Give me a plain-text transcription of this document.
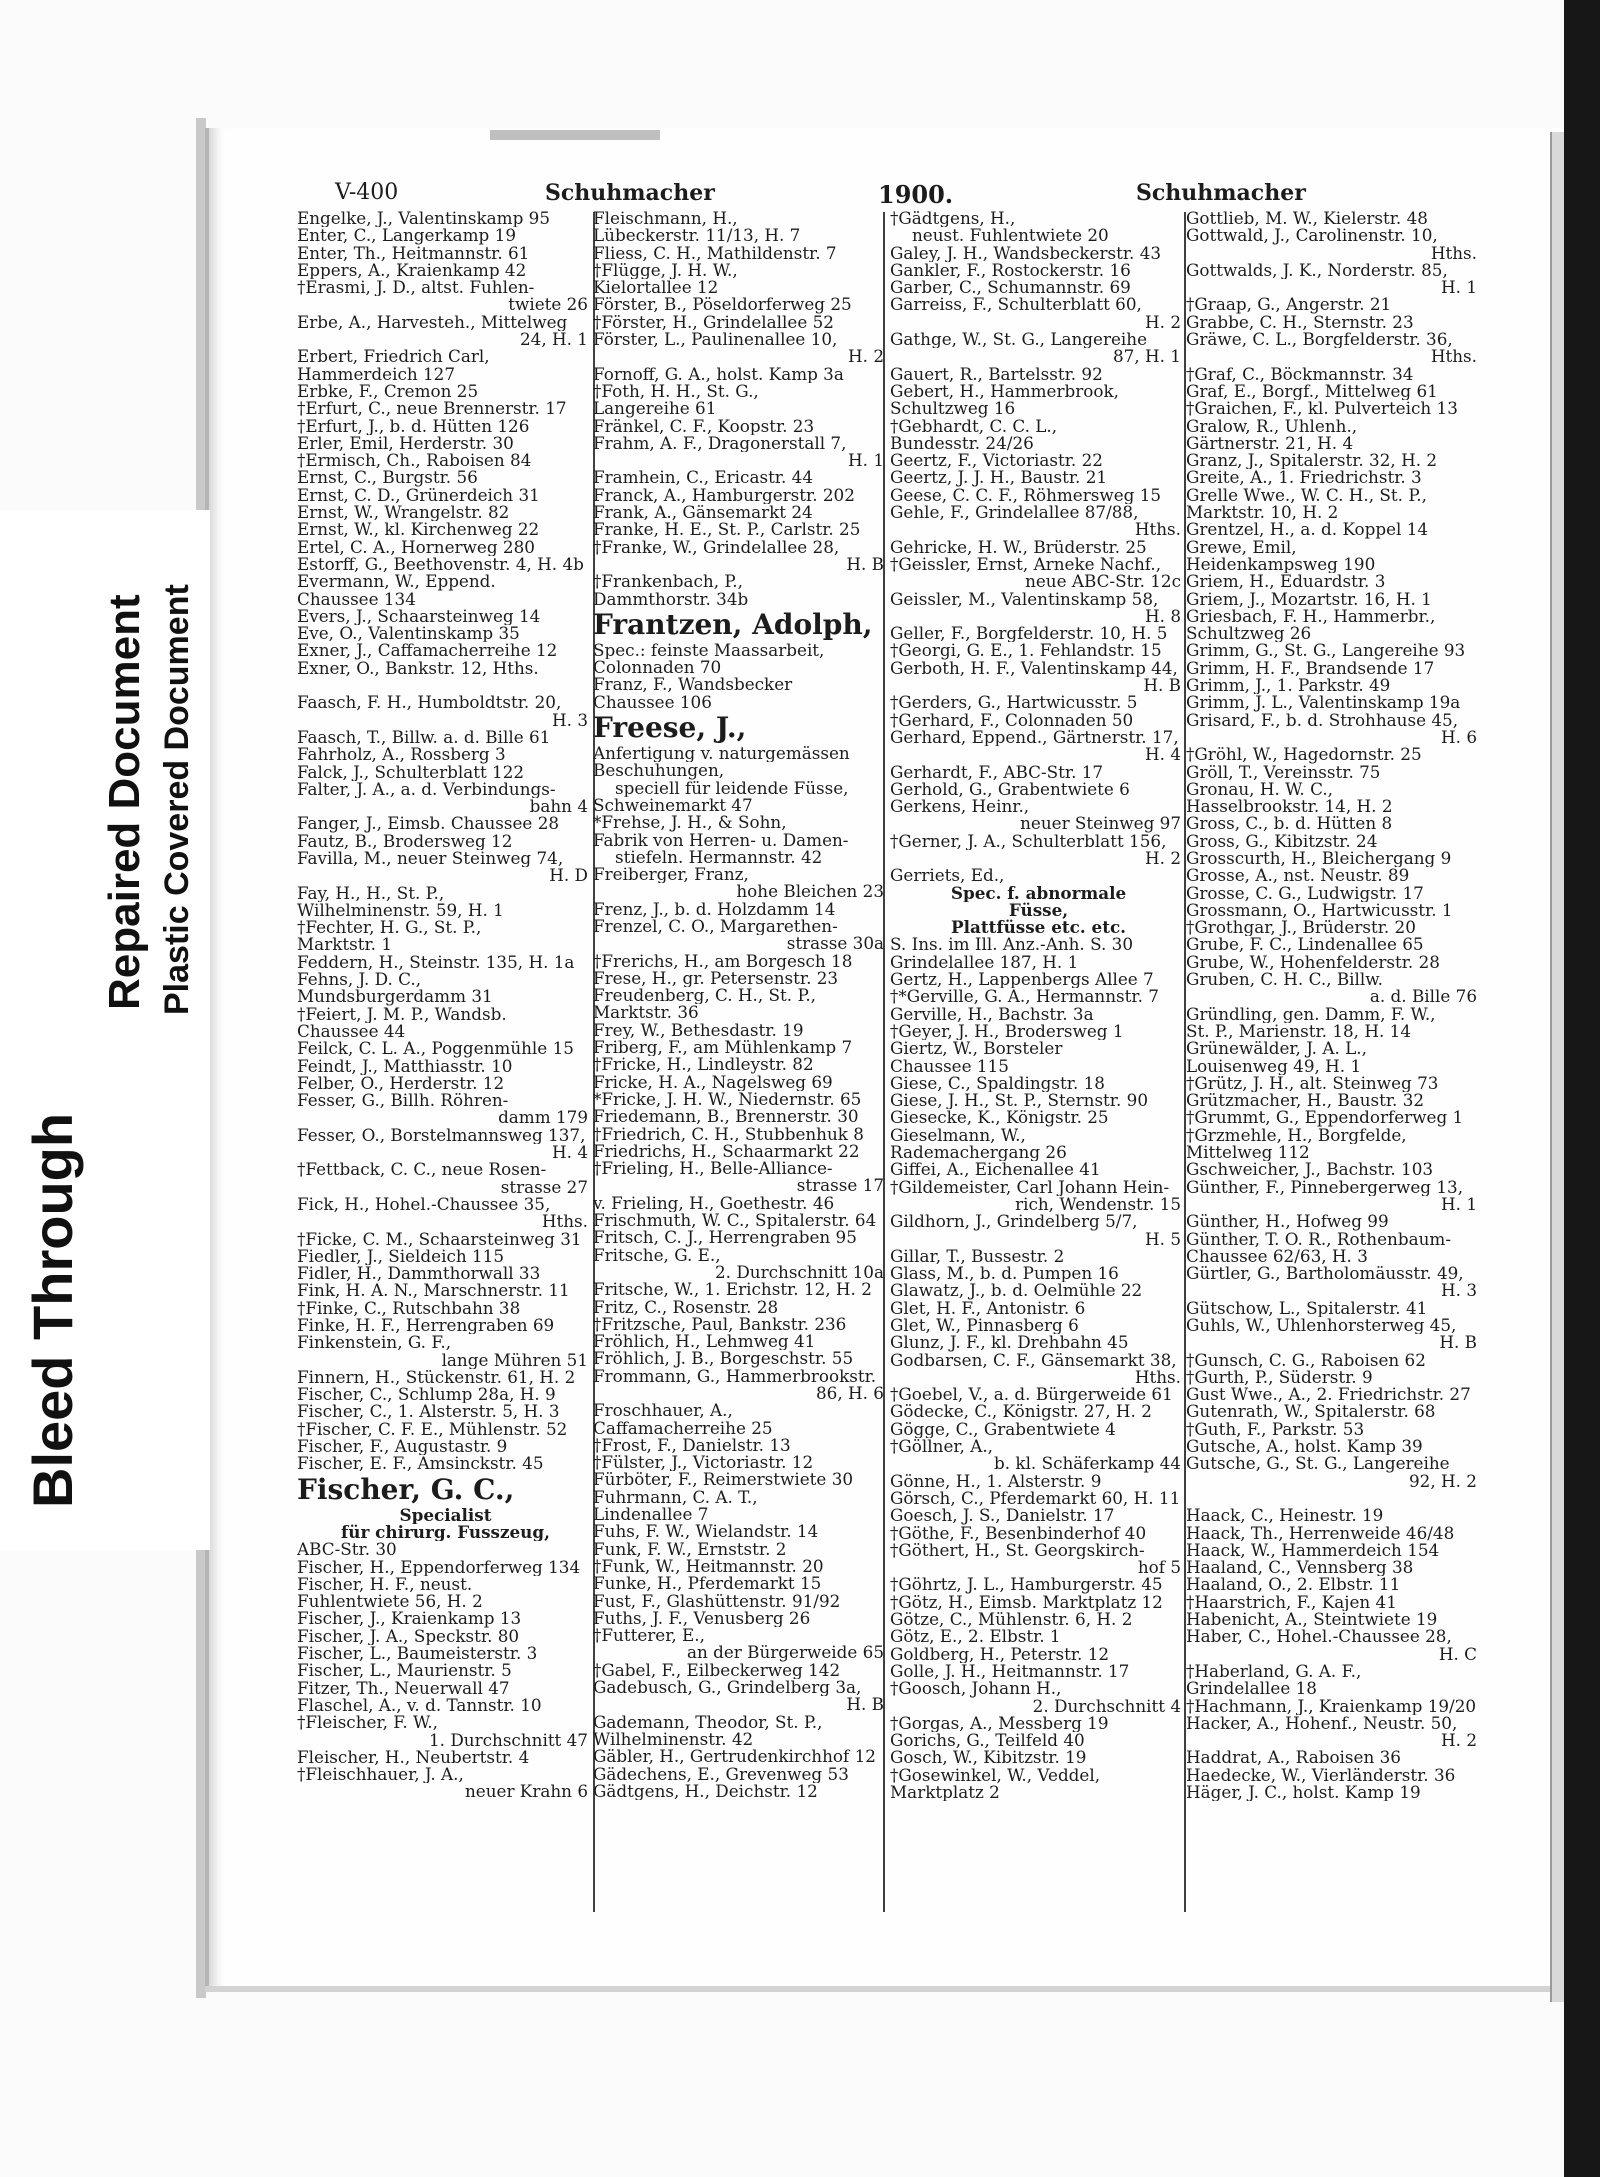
Bleed Through
Repaired Document Plastic Covered Document
V-400	Schuhmacher	1900.	Schuhmacher
Engelke, J., Valentinskamp 95
Enter, C., Langerkamp 19
Enter, Th., Heitmannstr. 61
Eppers, A., Kraienkamp 42
†Erasmi, J. D., altst. Fuhlen-
twiete 26
Erbe, A., Harvesteh., Mittelweg
24, H. 1
Erbert, Friedrich Carl,
Hammerdeich 127
Erbke, F., Cremon 25
†Erfurt, C., neue Brennerstr. 17
†Erfurt, J., b. d. Hütten 126
Erler, Emil, Herderstr. 30
†Ermisch, Ch., Raboisen 84
Ernst, C., Burgstr. 56
Ernst, C. D., Grünerdeich 31
Ernst, W., Wrangelstr. 82
Ernst, W., kl. Kirchenweg 22
Ertel, C. A., Hornerweg 280
Estorff, G., Beethovenstr. 4, H. 4b
Evermann, W., Eppend.
Chaussee 134
Evers, J., Schaarsteinweg 14
Eve, O., Valentinskamp 35
Exner, J., Caffamacherreihe 12
Exner, O., Bankstr. 12, Hths.
Faasch, F. H., Humboldtstr. 20,
H. 3
Faasch, T., Billw. a. d. Bille 61
Fahrholz, A., Rossberg 3
Falck, J., Schulterblatt 122
Falter, J. A., a. d. Verbindungs-
bahn 4
Fanger, J., Eimsb. Chaussee 28
Fautz, B., Brodersweg 12
Favilla, M., neuer Steinweg 74,
H. D
Fay, H., H., St. P.,
Wilhelminenstr. 59, H. 1
†Fechter, H. G., St. P.,
Marktstr. 1
Feddern, H., Steinstr. 135, H. 1a
Fehns, J. D. C.,
Mundsburgerdamm 31
†Feiert, J. M. P., Wandsb.
Chaussee 44
Feilck, C. L. A., Poggenmühle 15
Feindt, J., Matthiasstr. 10
Felber, O., Herderstr. 12
Fesser, G., Billh. Röhren-
damm 179
Fesser, O., Borstelmannsweg 137,
H. 4
†Fettback, C. C., neue Rosen-
strasse 27
Fick, H., Hohel.-Chaussee 35,
Hths.
†Ficke, C. M., Schaarsteinweg 31
Fiedler, J., Sieldeich 115
Fidler, H., Dammthorwall 33
Fink, H. A. N., Marschnerstr. 11
†Finke, C., Rutschbahn 38
Finke, H. F., Herrengraben 69
Finkenstein, G. F.,
lange Mühren 51
Finnern, H., Stückenstr. 61, H. 2
Fischer, C., Schlump 28a, H. 9
Fischer, C., 1. Alsterstr. 5, H. 3
†Fischer, C. F. E., Mühlenstr. 52
Fischer, F., Augustastr. 9
Fischer, E. F., Amsinckstr. 45
Fischer, G. C.,
Specialist
für chirurg. Fusszeug,
ABC-Str. 30
Fischer, H., Eppendorferweg 134
Fischer, H. F., neust.
Fuhlentwiete 56, H. 2
Fischer, J., Kraienkamp 13
Fischer, J. A., Speckstr. 80
Fischer, L., Baumeisterstr. 3
Fischer, L., Maurienstr. 5
Fitzer, Th., Neuerwall 47
Flaschel, A., v. d. Tannstr. 10
†Fleischer, F. W.,
1. Durchschnitt 47
Fleischer, H., Neubertstr. 4
†Fleischhauer, J. A.,
neuer Krahn 6
Fleischmann, H.,
Lübeckerstr. 11/13, H. 7
Fliess, C. H., Mathildenstr. 7
†Flügge, J. H. W.,
Kielortallee 12
Förster, B., Pöseldorferweg 25
†Förster, H., Grindelallee 52
Förster, L., Paulinenallee 10,
H. 2
Fornoff, G. A., holst. Kamp 3a
†Foth, H. H., St. G.,
Langereihe 61
Fränkel, C. F., Koopstr. 23
Frahm, A. F., Dragonerstall 7,
H. 1
Framhein, C., Ericastr. 44
Franck, A., Hamburgerstr. 202
Frank, A., Gänsemarkt 24
Franke, H. E., St. P., Carlstr. 25
†Franke, W., Grindelallee 28,
H. B
†Frankenbach, P.,
Dammthorstr. 34b
Frantzen, Adolph,
Spec.: feinste Maassarbeit,
Colonnaden 70
Franz, F., Wandsbecker
Chaussee 106
Freese, J.,
Anfertigung v. naturgemässen
Beschuhungen,
speciell für leidende Füsse,
Schweinemarkt 47
*Frehse, J. H., & Sohn,
Fabrik von Herren- u. Damen-
stiefeln. Hermannstr. 42
Freiberger, Franz,
hohe Bleichen 23
Frenz, J., b. d. Holzdamm 14
Frenzel, C. O., Margarethen-
strasse 30a
†Frerichs, H., am Borgesch 18
Frese, H., gr. Petersenstr. 23
Freudenberg, C. H., St. P.,
Marktstr. 36
Frey, W., Bethesdastr. 19
Friberg, F., am Mühlenkamp 7
†Fricke, H., Lindleystr. 82
Fricke, H. A., Nagelsweg 69
*Fricke, J. H. W., Niedernstr. 65
Friedemann, B., Brennerstr. 30
†Friedrich, C. H., Stubbenhuk 8
Friedrichs, H., Schaarmarkt 22
†Frieling, H., Belle-Alliance-
strasse 17
v. Frieling, H., Goethestr. 46
Frischmuth, W. C., Spitalerstr. 64
Fritsch, C. J., Herrengraben 95
Fritsche, G. E.,
2. Durchschnitt 10a
Fritsche, W., 1. Erichstr. 12, H. 2
Fritz, C., Rosenstr. 28
†Fritzsche, Paul, Bankstr. 236
Fröhlich, H., Lehmweg 41
Fröhlich, J. B., Borgeschstr. 55
Frommann, G., Hammerbrookstr.
86, H. 6
Froschhauer, A.,
Caffamacherreihe 25
†Frost, F., Danielstr. 13
†Fülster, J., Victoriastr. 12
Fürböter, F., Reimerstwiete 30
Fuhrmann, C. A. T.,
Lindenallee 7
Fuhs, F. W., Wielandstr. 14
Funk, F. W., Ernststr. 2
†Funk, W., Heitmannstr. 20
Funke, H., Pferdemarkt 15
Fust, F., Glashüttenstr. 91/92
Fuths, J. F., Venusberg 26
†Futterer, E.,
an der Bürgerweide 65
†Gabel, F., Eilbeckerweg 142
Gadebusch, G., Grindelberg 3a,
H. B
Gademann, Theodor, St. P.,
Wilhelminenstr. 42
Gäbler, H., Gertrudenkirchhof 12
Gädechens, E., Grevenweg 53
Gädtgens, H., Deichstr. 12
†Gädtgens, H.,
neust. Fuhlentwiete 20
Galey, J. H., Wandsbeckerstr. 43
Gankler, F., Rostockerstr. 16
Garber, C., Schumannstr. 69
Garreiss, F., Schulterblatt 60,
H. 2
Gathge, W., St. G., Langereihe
87, H. 1
Gauert, R., Bartelsstr. 92
Gebert, H., Hammerbrook,
Schultzweg 16
†Gebhardt, C. C. L.,
Bundesstr. 24/26
Geertz, F., Victoriastr. 22
Geertz, J. J. H., Baustr. 21
Geese, C. C. F., Röhmersweg 15
Gehle, F., Grindelallee 87/88,
Hths.
Gehricke, H. W., Brüderstr. 25
†Geissler, Ernst, Arneke Nachf.,
neue ABC-Str. 12c
Geissler, M., Valentinskamp 58,
H. 8
Geller, F., Borgfelderstr. 10, H. 5
†Georgi, G. E., 1. Fehlandstr. 15
Gerboth, H. F., Valentinskamp 44,
H. B
†Gerders, G., Hartwicusstr. 5
†Gerhard, F., Colonnaden 50
Gerhard, Eppend., Gärtnerstr. 17,
H. 4
Gerhardt, F., ABC-Str. 17
Gerhold, G., Grabentwiete 6
Gerkens, Heinr.,
neuer Steinweg 97
†Gerner, J. A., Schulterblatt 156,
H. 2
Gerriets, Ed.,
Spec. f. abnormale
Füsse,
Plattfüsse etc. etc.
S. Ins. im Ill. Anz.-Anh. S. 30
Grindelallee 187, H. 1
Gertz, H., Lappenbergs Allee 7
†*Gerville, G. A., Hermannstr. 7
Gerville, H., Bachstr. 3a
†Geyer, J. H., Brodersweg 1
Giertz, W., Borsteler
Chaussee 115
Giese, C., Spaldingstr. 18
Giese, J. H., St. P., Sternstr. 90
Giesecke, K., Königstr. 25
Gieselmann, W.,
Rademachergang 26
Giffei, A., Eichenallee 41
†Gildemeister, Carl Johann Hein-
rich, Wendenstr. 15
Gildhorn, J., Grindelberg 5/7,
H. 5
Gillar, T., Bussestr. 2
Glass, M., b. d. Pumpen 16
Glawatz, J., b. d. Oelmühle 22
Glet, H. F., Antonistr. 6
Glet, W., Pinnasberg 6
Glunz, J. F., kl. Drehbahn 45
Godbarsen, C. F., Gänsemarkt 38,
Hths.
†Goebel, V., a. d. Bürgerweide 61
Gödecke, C., Königstr. 27, H. 2
Gögge, C., Grabentwiete 4
†Göllner, A.,
b. kl. Schäferkamp 44
Gönne, H., 1. Alsterstr. 9
Görsch, C., Pferdemarkt 60, H. 11
Goesch, J. S., Danielstr. 17
†Göthe, F., Besenbinderhof 40
†Göthert, H., St. Georgskirch-
hof 5
†Göhrtz, J. L., Hamburgerstr. 45
†Götz, H., Eimsb. Marktplatz 12
Götze, C., Mühlenstr. 6, H. 2
Götz, E., 2. Elbstr. 1
Goldberg, H., Peterstr. 12
Golle, J. H., Heitmannstr. 17
†Goosch, Johann H.,
2. Durchschnitt 4
†Gorgas, A., Messberg 19
Gorichs, G., Teilfeld 40
Gosch, W., Kibitzstr. 19
†Gosewinkel, W., Veddel,
Marktplatz 2
Gottlieb, M. W., Kielerstr. 48
Gottwald, J., Carolinenstr. 10,
Hths.
Gottwalds, J. K., Norderstr. 85,
H. 1
†Graap, G., Angerstr. 21
Grabbe, C. H., Sternstr. 23
Gräwe, C. L., Borgfelderstr. 36,
Hths.
†Graf, C., Böckmannstr. 34
Graf, E., Borgf., Mittelweg 61
†Graichen, F., kl. Pulverteich 13
Gralow, R., Uhlenh.,
Gärtnerstr. 21, H. 4
Granz, J., Spitalerstr. 32, H. 2
Greite, A., 1. Friedrichstr. 3
Grelle Wwe., W. C. H., St. P.,
Marktstr. 10, H. 2
Grentzel, H., a. d. Koppel 14
Grewe, Emil,
Heidenkampsweg 190
Griem, H., Eduardstr. 3
Griem, J., Mozartstr. 16, H. 1
Griesbach, F. H., Hammerbr.,
Schultzweg 26
Grimm, G., St. G., Langereihe 93
Grimm, H. F., Brandsende 17
Grimm, J., 1. Parkstr. 49
Grimm, J. L., Valentinskamp 19a
Grisard, F., b. d. Strohhause 45,
H. 6
†Gröhl, W., Hagedornstr. 25
Gröll, T., Vereinsstr. 75
Gronau, H. W. C.,
Hasselbrookstr. 14, H. 2
Gross, C., b. d. Hütten 8
Gross, G., Kibitzstr. 24
Grosscurth, H., Bleichergang 9
Grosse, A., nst. Neustr. 89
Grosse, C. G., Ludwigstr. 17
Grossmann, O., Hartwicusstr. 1
†Grothgar, J., Brüderstr. 20
Grube, F. C., Lindenallee 65
Grube, W., Hohenfelderstr. 28
Gruben, C. H. C., Billw.
a. d. Bille 76
Gründling, gen. Damm, F. W.,
St. P., Marienstr. 18, H. 14
Grünewälder, J. A. L.,
Louisenweg 49, H. 1
†Grütz, J. H., alt. Steinweg 73
Grützmacher, H., Baustr. 32
†Grummt, G., Eppendorferweg 1
†Grzmehle, H., Borgfelde,
Mittelweg 112
Gschweicher, J., Bachstr. 103
Günther, F., Pinnebergerweg 13,
H. 1
Günther, H., Hofweg 99
Günther, T. O. R., Rothenbaum-
Chaussee 62/63, H. 3
Gürtler, G., Bartholomäusstr. 49,
H. 3
Gütschow, L., Spitalerstr. 41
Guhls, W., Uhlenhorsterweg 45,
H. B
†Gunsch, C. G., Raboisen 62
†Gurth, P., Süderstr. 9
Gust Wwe., A., 2. Friedrichstr. 27
Gutenrath, W., Spitalerstr. 68
†Guth, F., Parkstr. 53
Gutsche, A., holst. Kamp 39
Gutsche, G., St. G., Langereihe
92, H. 2
Haack, C., Heinestr. 19
Haack, Th., Herrenweide 46/48
Haack, W., Hammerdeich 154
Haaland, C., Vennsberg 38
Haaland, O., 2. Elbstr. 11
†Haarstrich, F., Kajen 41
Habenicht, A., Steintwiete 19
Haber, C., Hohel.-Chaussee 28,
H. C
†Haberland, G. A. F.,
Grindelallee 18
†Hachmann, J., Kraienkamp 19/20
Hacker, A., Hohenf., Neustr. 50,
H. 2
Haddrat, A., Raboisen 36
Haedecke, W., Vierländerstr. 36
Häger, J. C., holst. Kamp 19
